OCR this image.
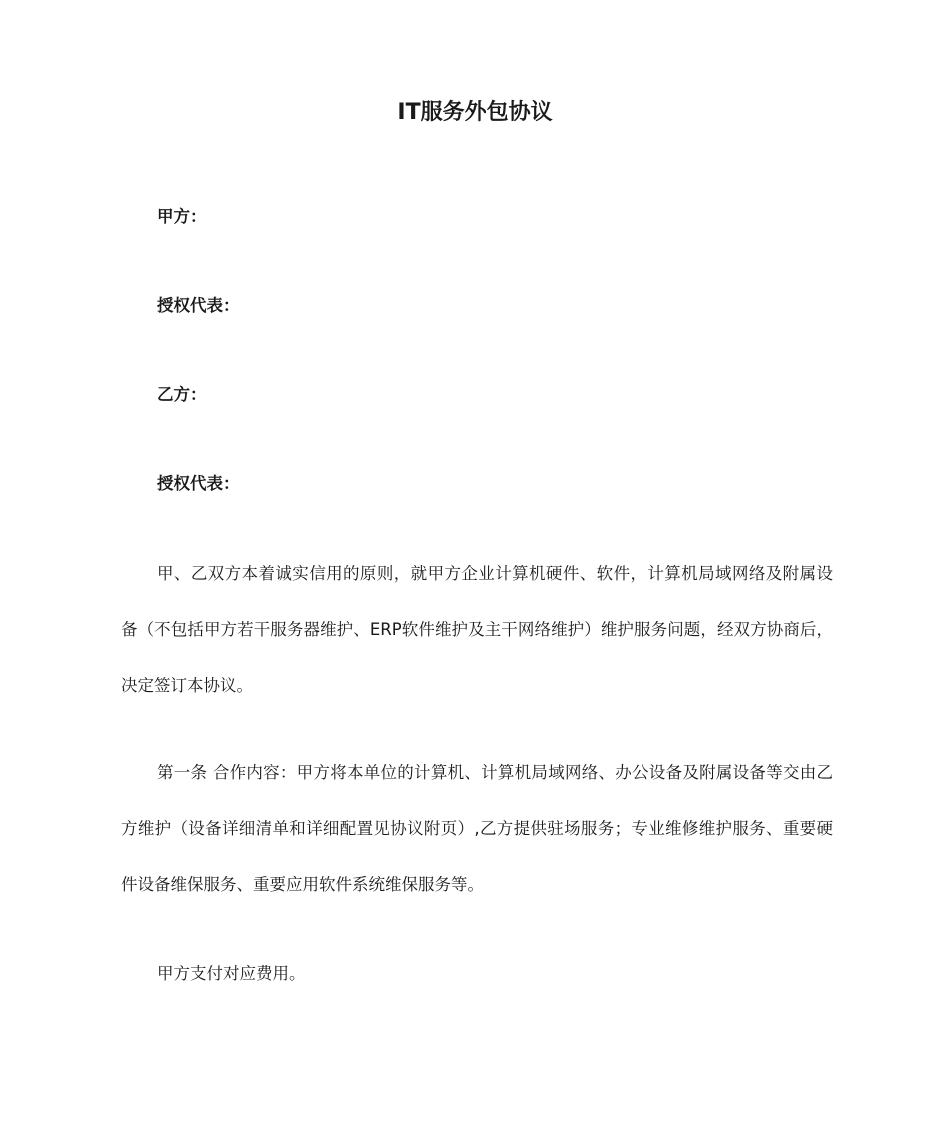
IT服务外包协议
甲方：
授权代表：
乙方：
授权代表：

甲、乙双方本着诚实信用的原则，就甲方企业计算机硬件、软件，计算机局域网络及附属设备（不包括甲方若干服务器维护、ERP软件维护及主干网络维护）维护服务问题，经双方协商后，决定签订本协议。

第一条 合作内容：甲方将本单位的计算机、计算机局域网络、办公设备及附属设备等交由乙方维护（设备详细清单和详细配置见协议附页）,乙方提供驻场服务；专业维修维护服务、重要硬件设备维保服务、重要应用软件系统维保服务等。

甲方支付对应费用。
